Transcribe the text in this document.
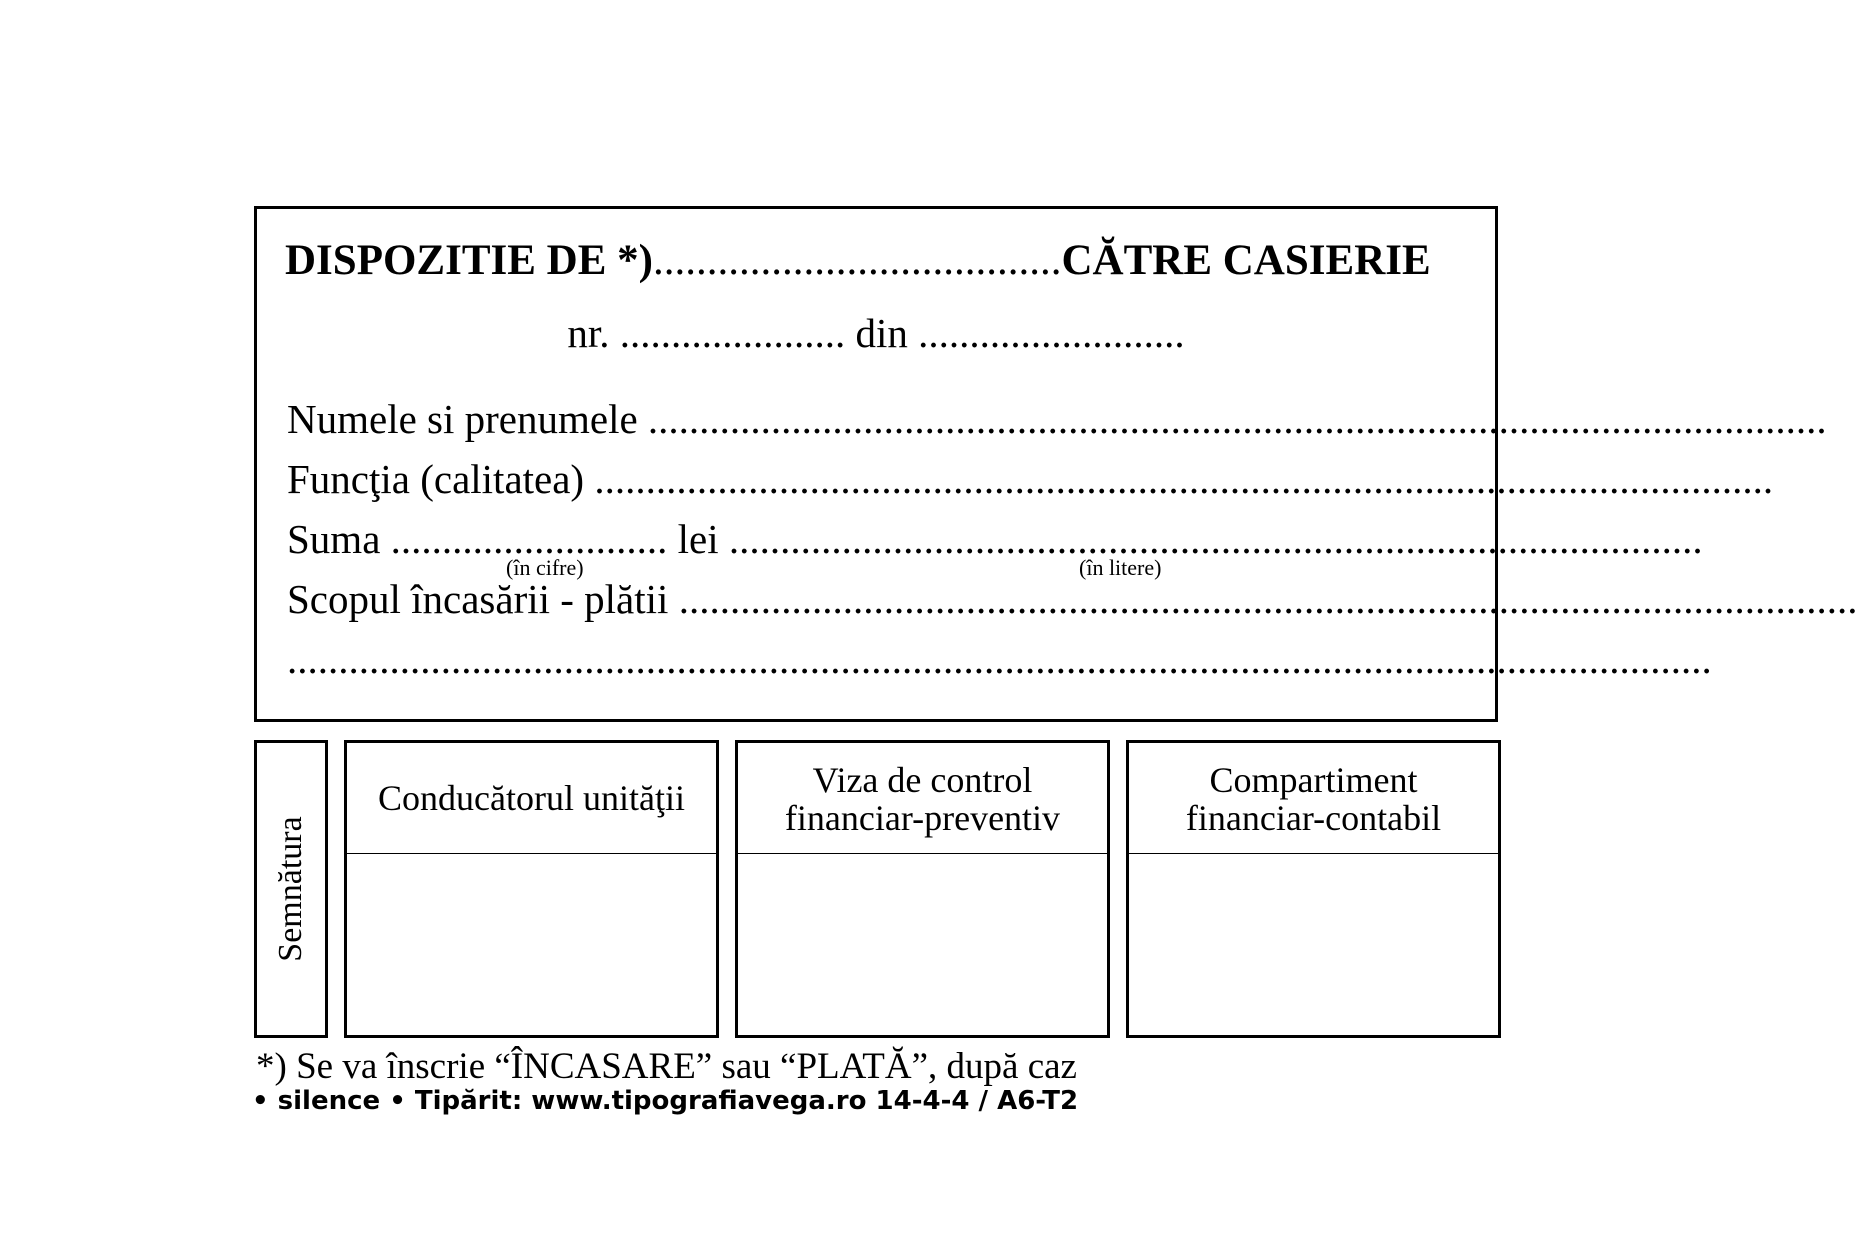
DISPOZITIE DE *)......................................CĂTRE CASIERIE
nr. ...................... din ..........................
Numele si prenumele ...................................................................................................................
Funcţia (calitatea) ...................................................................................................................
Suma ........................... lei ...............................................................................................
(în cifre)	(în litere)
Scopul încasării - plătii ...................................................................................................................
...........................................................................................................................................
Semnătura
Conducătorul unităţii	Viza de control
financiar-preventiv
Compartiment
financiar-contabil
*) Se va înscrie “ÎNCASARE” sau “PLATĂ”, după caz
• silence • Tipărit: www.tipografiavega.ro 14-4-4 / A6-T2
